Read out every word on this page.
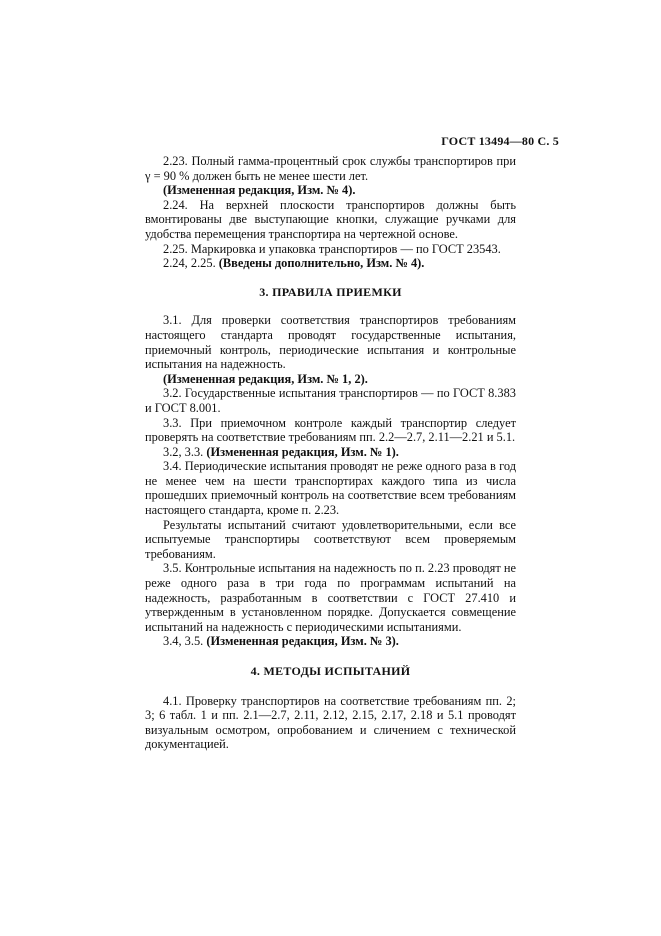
ГОСТ 13494—80 С. 5

2.23. Полный гамма-процентный срок службы транспортиров при γ = 90 % должен быть не менее шести лет.

(Измененная редакция, Изм. № 4).

2.24. На верхней плоскости транспортиров должны быть вмонтированы две выступающие кнопки, служащие ручками для удобства перемещения транспортира на чертежной основе.

2.25. Маркировка и упаковка транспортиров — по ГОСТ 23543.

2.24, 2.25. (Введены дополнительно, Изм. № 4).

3. ПРАВИЛА ПРИЕМКИ

3.1. Для проверки соответствия транспортиров требованиям настоящего стандарта проводят государственные испытания, приемочный контроль, периодические испытания и контрольные испытания на надежность.

(Измененная редакция, Изм. № 1, 2).

3.2. Государственные испытания транспортиров — по ГОСТ 8.383 и ГОСТ 8.001.

3.3. При приемочном контроле каждый транспортир следует проверять на соответствие требованиям пп. 2.2—2.7, 2.11—2.21 и 5.1.

3.2, 3.3. (Измененная редакция, Изм. № 1).

3.4. Периодические испытания проводят не реже одного раза в год не менее чем на шести транспортирах каждого типа из числа прошедших приемочный контроль на соответствие всем требованиям настоящего стандарта, кроме п. 2.23.

Результаты испытаний считают удовлетворительными, если все испытуемые транспортиры соответствуют всем проверяемым требованиям.

3.5. Контрольные испытания на надежность по п. 2.23 проводят не реже одного раза в три года по программам испытаний на надежность, разработанным в соответствии с ГОСТ 27.410 и утвержденным в установленном порядке. Допускается совмещение испытаний на надежность с периодическими испытаниями.

3.4, 3.5. (Измененная редакция, Изм. № 3).

4. МЕТОДЫ ИСПЫТАНИЙ

4.1. Проверку транспортиров на соответствие требованиям пп. 2; 3; 6 табл. 1 и пп. 2.1—2.7, 2.11, 2.12, 2.15, 2.17, 2.18 и 5.1 проводят визуальным осмотром, опробованием и сличением с технической документацией.
